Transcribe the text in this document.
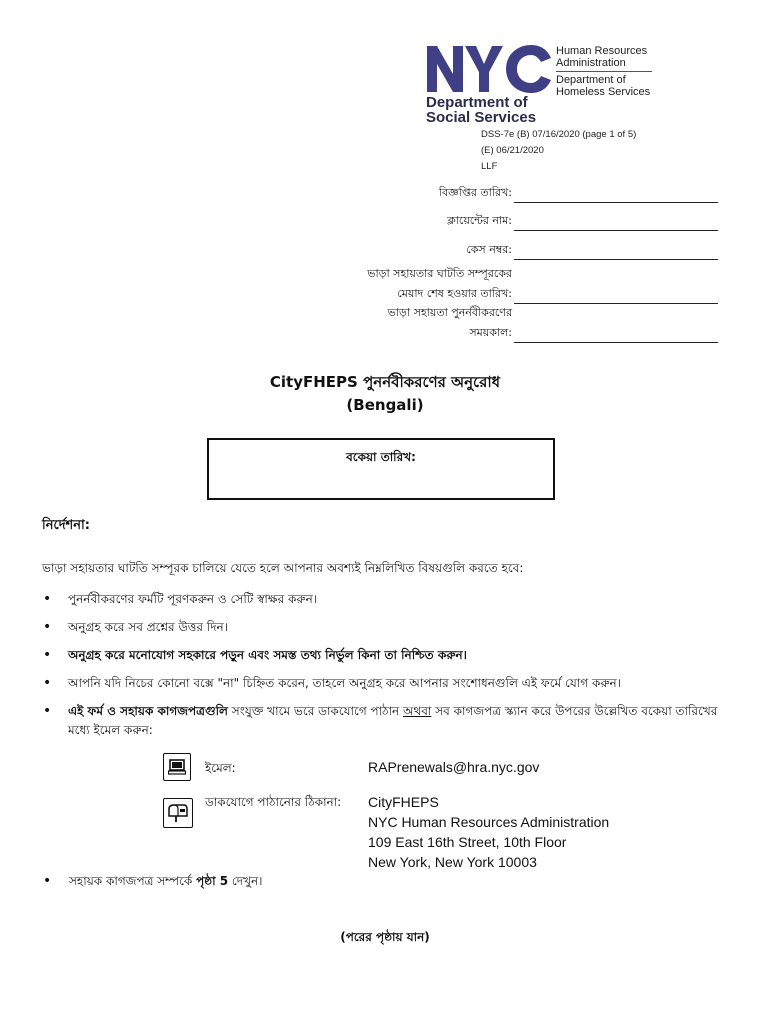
Human Resources
Administration
Department of
Homeless Services
Department of
Social Services
DSS-7e (B) 07/16/2020 (page 1 of 5)
(E) 06/21/2020
LLF
বিজ্ঞপ্তির তারিখ:
ক্লায়েন্টের নাম:
কেস নম্বর:
ভাড়া সহায়তার ঘাটতি সম্পূরকের
মেয়াদ শেষ হওয়ার তারিখ:
ভাড়া সহায়তা পুনর্নবীকরণের
সময়কাল:
CityFHEPS পুনর্নবীকরণের অনুরোধ
(Bengali)
বকেয়া তারিখ:
নির্দেশনা:
ভাড়া সহায়তার ঘাটতি সম্পূরক চালিয়ে যেতে হলে আপনার অবশ্যই নিম্নলিখিত বিষয়গুলি করতে হবে:
• পুনর্নবীকরণের ফর্মটি পূরণকরুন ও সেটি স্বাক্ষর করুন।
• অনুগ্রহ করে সব প্রশ্নের উত্তর দিন।
• অনুগ্রহ করে মনোযোগ সহকারে পড়ুন এবং সমস্ত তথ্য নির্ভুল কিনা তা নিশ্চিত করুন।
• আপনি যদি নিচের কোনো বক্সে "না" চিহ্নিত করেন, তাহলে অনুগ্রহ করে আপনার সংশোধনগুলি এই ফর্মে যোগ করুন।
• এই ফর্ম ও সহায়ক কাগজপত্রগুলি সংযুক্ত খামে ভরে ডাকযোগে পাঠান অথবা সব কাগজপত্র স্ক্যান করে উপরের উল্লেখিত বকেয়া তারিখের মধ্যে ইমেল করুন:
ইমেল:	RAPrenewals@hra.nyc.gov
ডাকযোগে পাঠানোর ঠিকানা: CityFHEPS
NYC Human Resources Administration
109 East 16th Street, 10th Floor
New York, New York 10003
• সহায়ক কাগজপত্র সম্পর্কে পৃষ্ঠা 5 দেখুন।
(পরের পৃষ্ঠায় যান)
